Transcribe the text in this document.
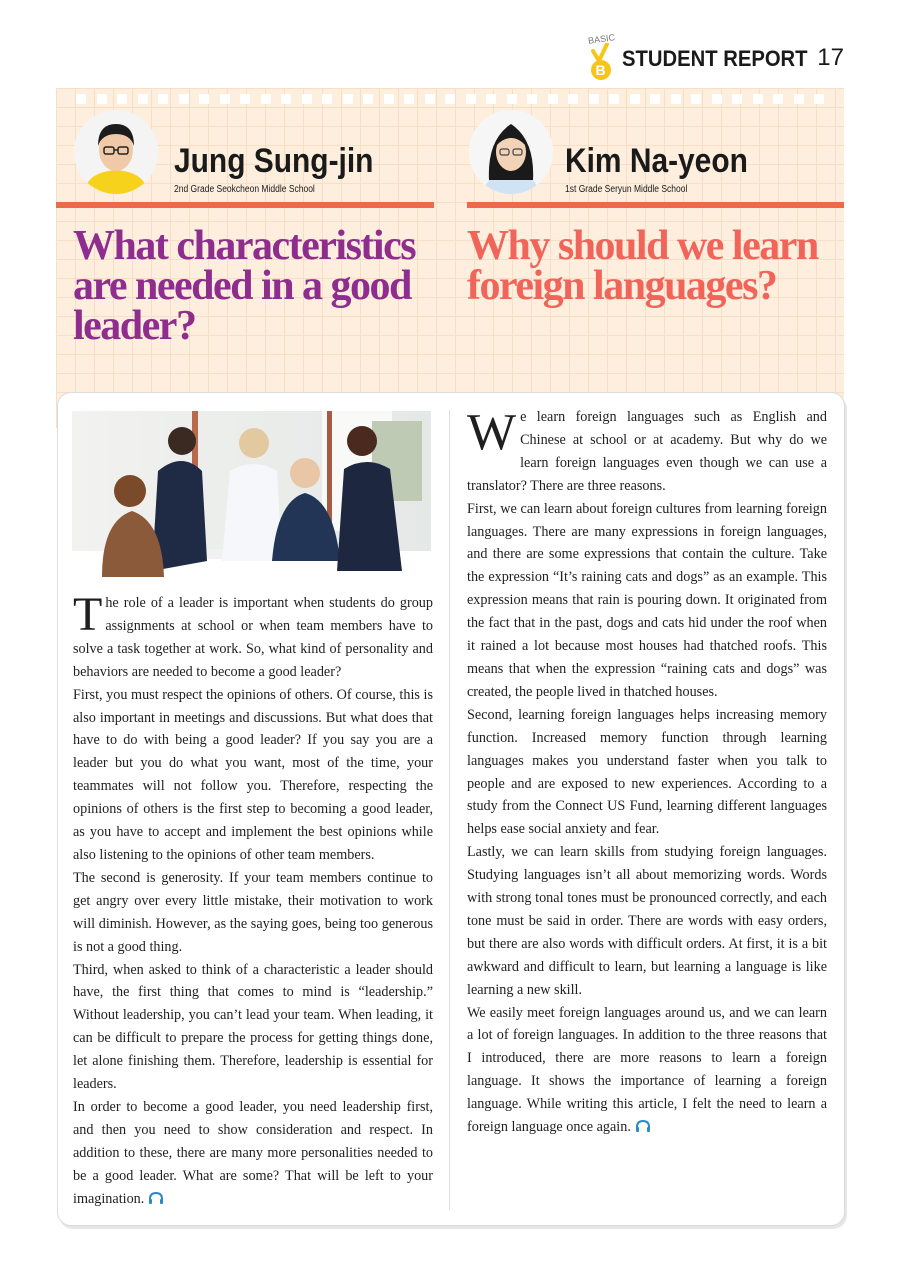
BASIC
B STUDENT REPORT 17
Jung Sung-jin
2nd Grade Seokcheon Middle School
Kim Na-yeon
1st Grade Seryun Middle School
What characteristics are needed in a good leader?
Why should we learn foreign languages?
T he role of a leader is important when students do group assignments at school or when team members have to solve a task together at work. So, what kind of personality and behaviors are needed to become a good leader?

First, you must respect the opinions of others. Of course, this is also important in meetings and discussions. But what does that have to do with being a good leader? If you say you are a leader but you do what you want, most of the time, your teammates will not follow you. Therefore, respecting the opinions of others is the first step to becoming a good leader, as you have to accept and implement the best opinions while also listening to the opinions of other team members.

The second is generosity. If your team members continue to get angry over every little mistake, their motivation to work will diminish. However, as the saying goes, being too generous is not a good thing.

Third, when asked to think of a characteristic a leader should have, the first thing that comes to mind is “leadership.” Without leadership, you can’t lead your team. When leading, it can be difficult to prepare the process for getting things done, let alone finishing them. Therefore, leadership is essential for leaders.

In order to become a good leader, you need leadership first, and then you need to show consideration and respect. In addition to these, there are many more personalities needed to be a good leader. What are some? That will be left to your imagination.

W e learn foreign languages such as English and Chinese at school or at academy. But why do we learn foreign languages even though we can use a translator? There are three reasons.

First, we can learn about foreign cultures from learning foreign languages. There are many expressions in foreign languages, and there are some expressions that contain the culture. Take the expression “It’s raining cats and dogs” as an example. This expression means that rain is pouring down. It originated from the fact that in the past, dogs and cats hid under the roof when it rained a lot because most houses had thatched roofs. This means that when the expression “raining cats and dogs” was created, the people lived in thatched houses.

Second, learning foreign languages helps increasing memory function. Increased memory function through learning languages makes you understand faster when you talk to people and are exposed to new experiences. According to a study from the Connect US Fund, learning different languages helps ease social anxiety and fear.

Lastly, we can learn skills from studying foreign languages. Studying languages isn’t all about memorizing words. Words with strong tonal tones must be pronounced correctly, and each tone must be said in order. There are words with easy orders, but there are also words with difficult orders. At first, it is a bit awkward and difficult to learn, but learning a language is like learning a new skill.

We easily meet foreign languages around us, and we can learn a lot of foreign languages. In addition to the three reasons that I introduced, there are more reasons to learn a foreign language. It shows the importance of learning a foreign language. While writing this article, I felt the need to learn a foreign language once again.
